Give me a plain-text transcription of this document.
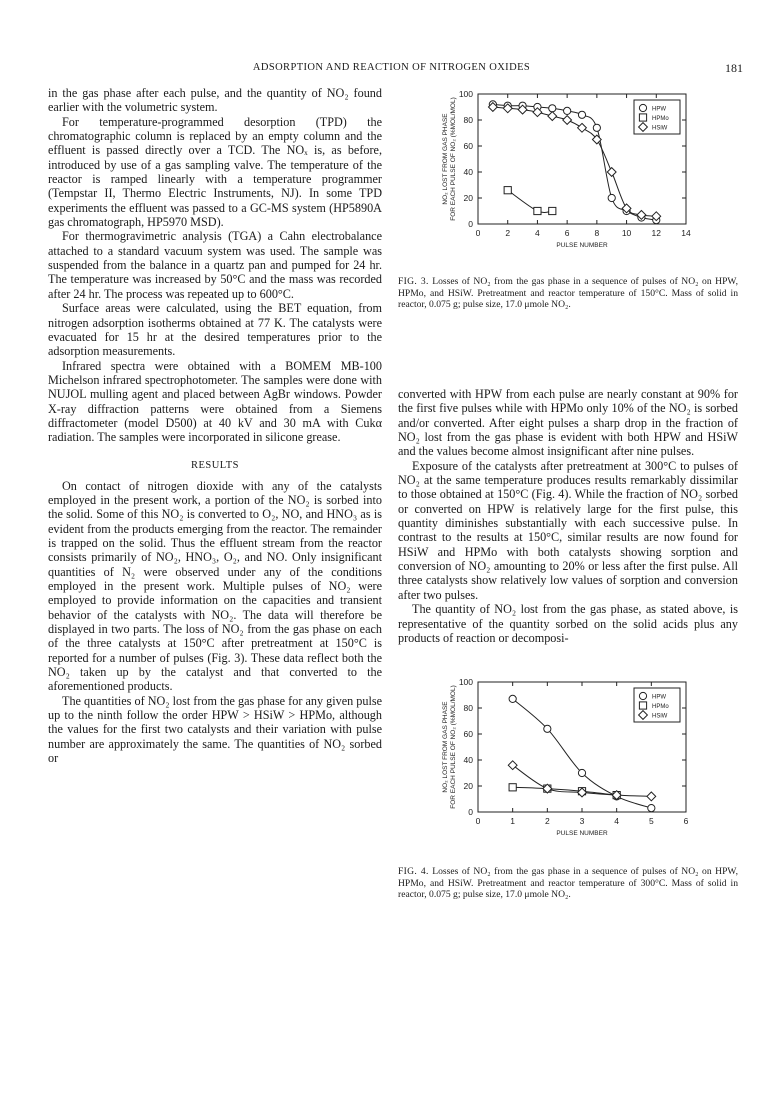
ADSORPTION AND REACTION OF NITROGEN OXIDES	181

in the gas phase after each pulse, and the quantity of NO₂ found earlier with the volumetric system.

For temperature-programmed desorption (TPD) the chromatographic column is replaced by an empty column and the effluent is passed directly over a TCD. The NOₓ is, as before, introduced by use of a gas sampling valve. The temperature of the reactor is ramped linearly with a temperature programmer (Tempstar II, Thermo Electric Instruments, NJ). In some TPD experiments the effluent was passed to a GC-MS system (HP5890A gas chromatograph, HP5970 MSD).

For thermogravimetric analysis (TGA) a Cahn electrobalance attached to a standard vacuum system was used. The sample was suspended from the balance in a quartz pan and pumped for 24 hr. The temperature was increased by 50°C and the mass was recorded after 24 hr. The process was repeated up to 600°C.

Surface areas were calculated, using the BET equation, from nitrogen adsorption isotherms obtained at 77 K. The catalysts were evacuated for 15 hr at the desired temperatures prior to the adsorption measurements.

Infrared spectra were obtained with a BOMEM MB-100 Michelson infrared spectrophotometer. The samples were done with NUJOL mulling agent and placed between AgBr windows. Powder X-ray diffraction patterns were obtained from a Siemens diffractometer (model D500) at 40 kV and 30 mA with Cukα radiation. The samples were incorporated in silicone grease.

RESULTS

On contact of nitrogen dioxide with any of the catalysts employed in the present work, a portion of the NO₂ is sorbed into the solid. Some of this NO₂ is converted to O₂, NO, and HNO₃ as is evident from the products emerging from the reactor. The remainder is trapped on the solid. Thus the effluent stream from the reactor consists primarily of NO₂, HNO₃, O₂, and NO. Only insignificant quantities of N₂ were observed under any of the conditions employed in the present work. Multiple pulses of NO₂ were employed to provide information on the capacities and transient behavior of the catalysts with NO₂. The data will therefore be displayed in two parts. The loss of NO₂ from the gas phase on each of the three catalysts at 150°C after pretreatment at 150°C is reported for a number of pulses (Fig. 3). These data reflect both the NO₂ taken up by the catalyst and that converted to the aforementioned products.

The quantities of NO₂ lost from the gas phase for any given pulse up to the ninth follow the order HPW > HSiW > HPMo, although the values for the first two catalysts and their variation with pulse number are approximately the same. The quantities of NO₂ sorbed or

0	2	4	6	8	10 12 14
0
20
40
60
80
100
PULSE NUMBER
NO₂ LOST FROM GAS PHASE FOR EACH PULSE OF NO₂ (%MOL/MOL)	HPW
HPMo
HSiW
FIG. 3. Losses of NO₂ from the gas phase in a sequence of pulses of NO₂ on HPW, HPMo, and HSiW. Pretreatment and reactor temperature of 150°C. Mass of solid in reactor, 0.075 g; pulse size, 17.0 μmole NO₂.

converted with HPW from each pulse are nearly constant at 90% for the first five pulses while with HPMo only 10% of the NO₂ is sorbed and/or converted. After eight pulses a sharp drop in the fraction of NO₂ lost from the gas phase is evident with both HPW and HSiW and the values become almost insignificant after nine pulses.

Exposure of the catalysts after pretreatment at 300°C to pulses of NO₂ at the same temperature produces results remarkably dissimilar to those obtained at 150°C (Fig. 4). While the fraction of NO₂ sorbed or converted on HPW is relatively large for the first pulse, this quantity diminishes substantially with each successive pulse. In contrast to the results at 150°C, similar results are now found for HSiW and HPMo with both catalysts showing sorption and conversion of NO₂ amounting to 20% or less after the first pulse. All three catalysts show relatively low values of sorption and conversion after two pulses.

The quantity of NO₂ lost from the gas phase, as stated above, is representative of the quantity sorbed on the solid acids plus any products of reaction or decomposi-

0	1	2	3	4	5	6
0
20
40
60
80
100
PULSE NUMBER
NO₂ LOST FROM GAS PHASE FOR EACH PULSE OF NO₂ (%MOL/MOL)	HPW
HPMo
HSiW
FIG. 4. Losses of NO₂ from the gas phase in a sequence of pulses of NO₂ on HPW, HPMo, and HSiW. Pretreatment and reactor temperature of 300°C. Mass of solid in reactor, 0.075 g; pulse size, 17.0 μmole NO₂.
